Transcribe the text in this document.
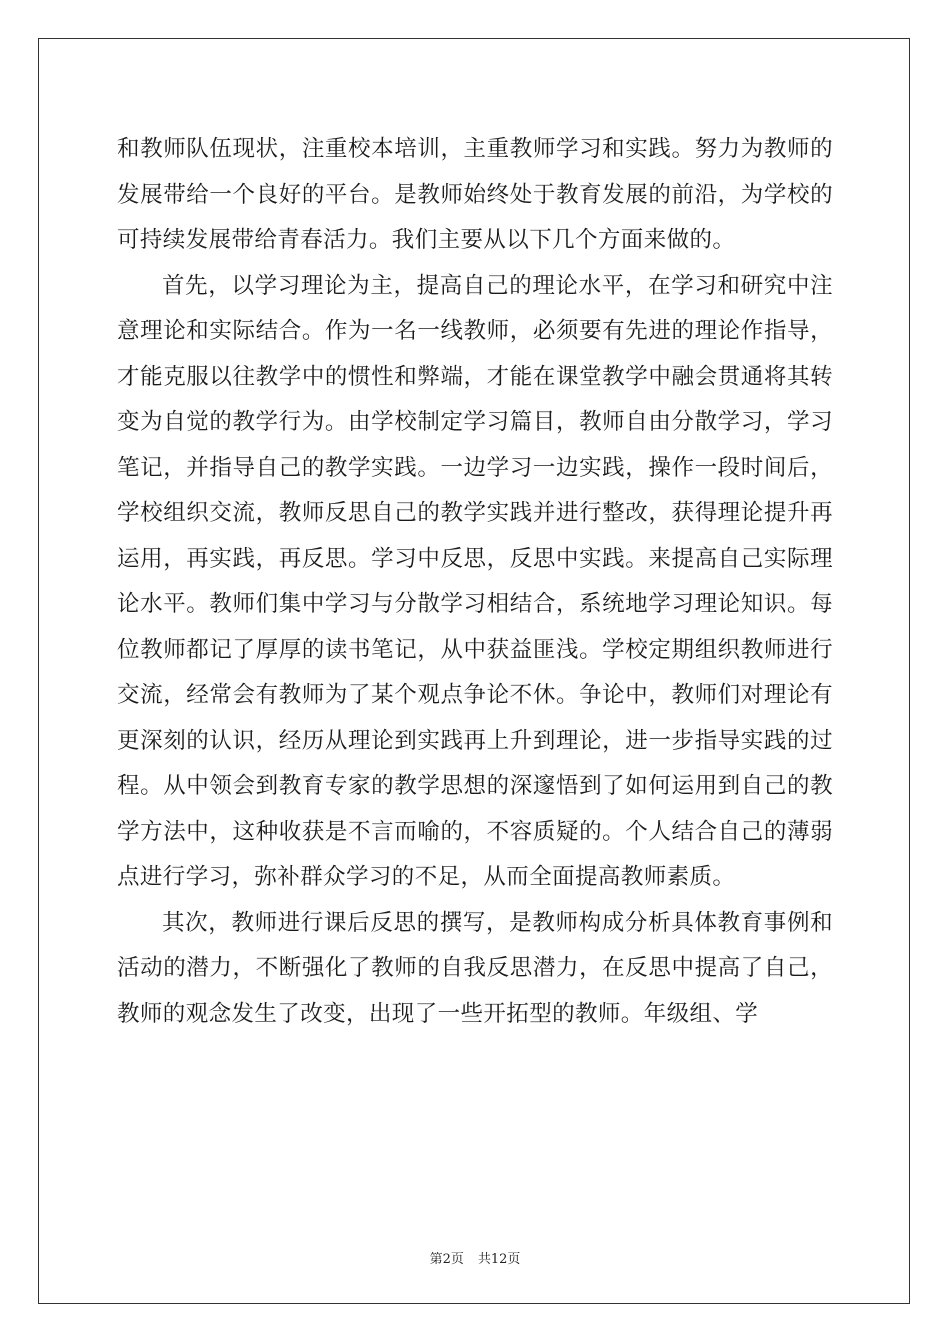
和教师队伍现状，注重校本培训，主重教师学习和实践。努力为教师的发展带给一个良好的平台。是教师始终处于教育发展的前沿，为学校的可持续发展带给青春活力。我们主要从以下几个方面来做的。

首先，以学习理论为主，提高自己的理论水平，在学习和研究中注意理论和实际结合。作为一名一线教师，必须要有先进的理论作指导，才能克服以往教学中的惯性和弊端，才能在课堂教学中融会贯通将其转变为自觉的教学行为。由学校制定学习篇目，教师自由分散学习，学习笔记，并指导自己的教学实践。一边学习一边实践，操作一段时间后，学校组织交流，教师反思自己的教学实践并进行整改，获得理论提升再运用，再实践，再反思。学习中反思，反思中实践。来提高自己实际理论水平。教师们集中学习与分散学习相结合，系统地学习理论知识。每位教师都记了厚厚的读书笔记，从中获益匪浅。学校定期组织教师进行交流，经常会有教师为了某个观点争论不休。争论中，教师们对理论有更深刻的认识，经历从理论到实践再上升到理论，进一步指导实践的过程。从中领会到教育专家的教学思想的深邃悟到了如何运用到自己的教学方法中，这种收获是不言而喻的，不容质疑的。个人结合自己的薄弱点进行学习，弥补群众学习的不足，从而全面提高教师素质。

其次，教师进行课后反思的撰写，是教师构成分析具体教育事例和活动的潜力，不断强化了教师的自我反思潜力，在反思中提高了自己，教师的观念发生了改变，出现了一些开拓型的教师。年级组、学

第2页 共12页
